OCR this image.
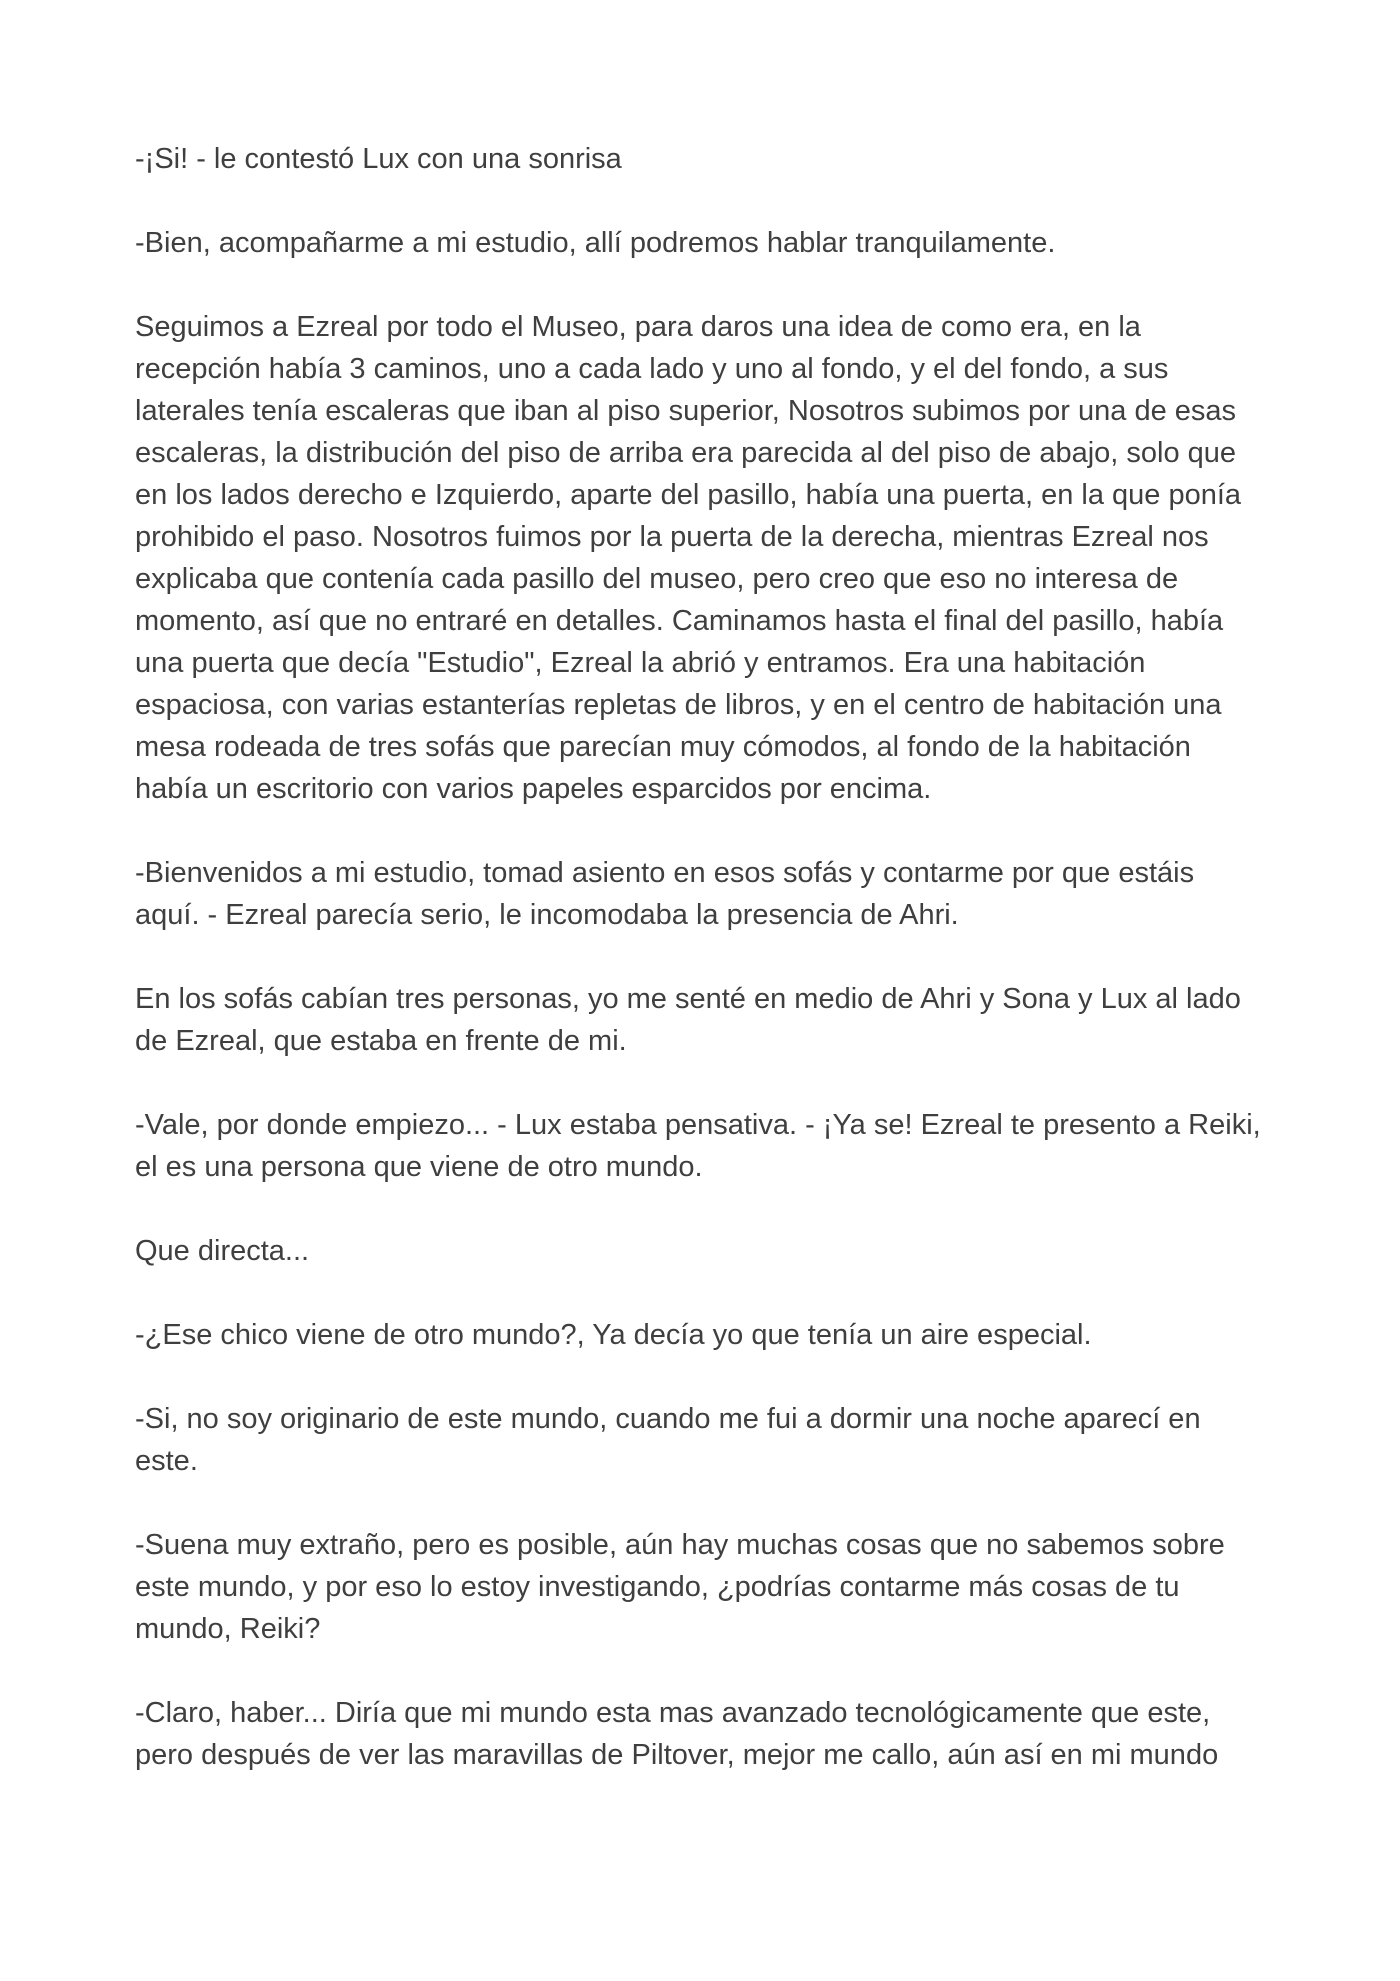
-¡Si! - le contestó Lux con una sonrisa
-Bien, acompañarme a mi estudio, allí podremos hablar tranquilamente.
Seguimos a Ezreal por todo el Museo, para daros una idea de como era, en la
recepción había 3 caminos, uno a cada lado y uno al fondo, y el del fondo, a sus
laterales tenía escaleras que iban al piso superior, Nosotros subimos por una de esas
escaleras, la distribución del piso de arriba era parecida al del piso de abajo, solo que
en los lados derecho e Izquierdo, aparte del pasillo, había una puerta, en la que ponía
prohibido el paso. Nosotros fuimos por la puerta de la derecha, mientras Ezreal nos
explicaba que contenía cada pasillo del museo, pero creo que eso no interesa de
momento, así que no entraré en detalles. Caminamos hasta el final del pasillo, había
una puerta que decía "Estudio", Ezreal la abrió y entramos. Era una habitación
espaciosa, con varias estanterías repletas de libros, y en el centro de habitación una
mesa rodeada de tres sofás que parecían muy cómodos, al fondo de la habitación
había un escritorio con varios papeles esparcidos por encima.
-Bienvenidos a mi estudio, tomad asiento en esos sofás y contarme por que estáis
aquí. - Ezreal parecía serio, le incomodaba la presencia de Ahri.
En los sofás cabían tres personas, yo me senté en medio de Ahri y Sona y Lux al lado
de Ezreal, que estaba en frente de mi.
-Vale, por donde empiezo... - Lux estaba pensativa. - ¡Ya se! Ezreal te presento a Reiki,
el es una persona que viene de otro mundo.
Que directa...
-¿Ese chico viene de otro mundo?, Ya decía yo que tenía un aire especial.
-Si, no soy originario de este mundo, cuando me fui a dormir una noche aparecí en
este.
-Suena muy extraño, pero es posible, aún hay muchas cosas que no sabemos sobre
este mundo, y por eso lo estoy investigando, ¿podrías contarme más cosas de tu
mundo, Reiki?
-Claro, haber... Diría que mi mundo esta mas avanzado tecnológicamente que este,
pero después de ver las maravillas de Piltover, mejor me callo, aún así en mi mundo
